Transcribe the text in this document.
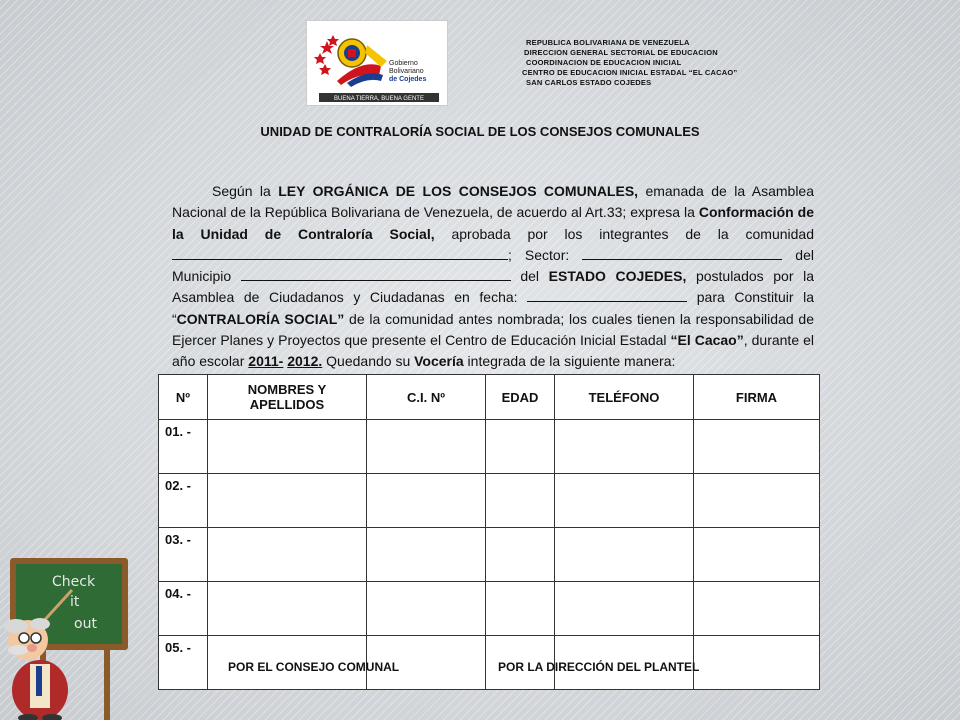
Gobierno
Bolivariano
de Cojedes
BUENA TIERRA, BUENA GENTE
REPUBLICA BOLIVARIANA DE VENEZUELA
DIRECCION GENERAL SECTORIAL DE EDUCACION
COORDINACION DE EDUCACION INICIAL
CENTRO DE EDUCACION INICIAL ESTADAL “EL CACAO”
SAN CARLOS ESTADO COJEDES
UNIDAD DE CONTRALORÍA SOCIAL DE LOS CONSEJOS COMUNALES
Según la LEY ORGÁNICA DE LOS CONSEJOS COMUNALES, emanada de la Asamblea Nacional de la República Bolivariana de Venezuela, de acuerdo al Art.33; expresa la Conformación de la Unidad de Contraloría Social, aprobada por los integrantes de la comunidad ; Sector:	del Municipio	del ESTADO COJEDES, postulados por la Asamblea de Ciudadanos y Ciudadanas en fecha:	para Constituir la “CONTRALORÍA SOCIAL” de la comunidad antes nombrada; los cuales tienen la responsabilidad de Ejercer Planes y Proyectos que presente el Centro de Educación Inicial Estadal “El Cacao”, durante el año escolar 2011- 2012. Quedando su Vocería integrada de la siguiente manera:
Nº	NOMBRES Y APELLIDOS	C.I. Nº	EDAD	TELÉFONO	FIRMA
01. -					
02. -					
03. -					
04. -					
05. -					
POR EL CONSEJO COMUNAL	POR LA DIRECCIÓN DEL PLANTEL
Check
it
out
